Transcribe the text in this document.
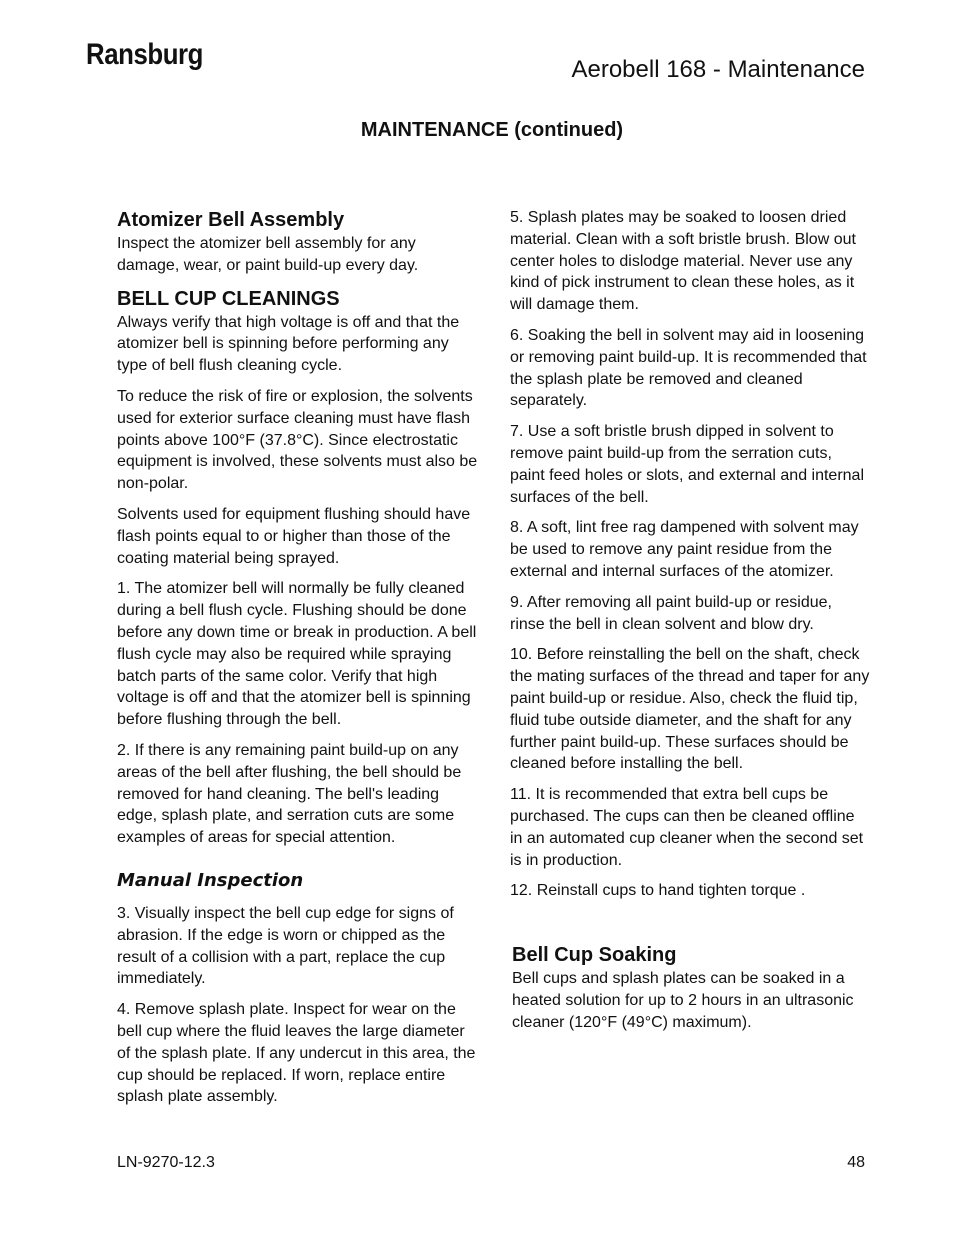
Ransburg	Aerobell 168 - Maintenance
MAINTENANCE (continued)
Atomizer Bell Assembly

Inspect the atomizer bell assembly for any damage, wear, or paint build-up every day.

BELL CUP CLEANINGS

Always verify that high voltage is off and that the atomizer bell is spinning before performing any type of bell flush cleaning cycle.

To reduce the risk of fire or explosion, the solvents used for exterior surface cleaning must have flash points above 100°F (37.8°C). Since electrostatic equipment is involved, these solvents must also be non-polar.

Solvents used for equipment flushing should have flash points equal to or higher than those of the coating material being sprayed.

1. The atomizer bell will normally be fully cleaned during a bell flush cycle. Flushing should be done before any down time or break in production. A bell flush cycle may also be required while spraying batch parts of the same color. Verify that high voltage is off and that the atomizer bell is spinning before flushing through the bell.

2. If there is any remaining paint build-up on any areas of the bell after flushing, the bell should be removed for hand cleaning. The bell's leading edge, splash plate, and serration cuts are some examples of areas for special attention.

Manual Inspection

3. Visually inspect the bell cup edge for signs of abrasion. If the edge is worn or chipped as the result of a collision with a part, replace the cup immediately.

4. Remove splash plate. Inspect for wear on the bell cup where the fluid leaves the large diameter of the splash plate. If any undercut in this area, the cup should be replaced. If worn, replace entire splash plate assembly.

5. Splash plates may be soaked to loosen dried material. Clean with a soft bristle brush. Blow out center holes to dislodge material. Never use any kind of pick instrument to clean these holes, as it will damage them.

6. Soaking the bell in solvent may aid in loosening or removing paint build-up. It is recommended that the splash plate be removed and cleaned separately.

7. Use a soft bristle brush dipped in solvent to remove paint build-up from the serration cuts, paint feed holes or slots, and external and internal surfaces of the bell.

8. A soft, lint free rag dampened with solvent may be used to remove any paint residue from the external and internal surfaces of the atomizer.

9. After removing all paint build-up or residue, rinse the bell in clean solvent and blow dry.

10. Before reinstalling the bell on the shaft, check the mating surfaces of the thread and taper for any paint build-up or residue. Also, check the fluid tip, fluid tube outside diameter, and the shaft for any further paint build-up. These surfaces should be cleaned before installing the bell.

11. It is recommended that extra bell cups be purchased. The cups can then be cleaned offline in an automated cup cleaner when the second set is in production.

12. Reinstall cups to hand tighten torque .

Bell Cup Soaking

Bell cups and splash plates can be soaked in a heated solution for up to 2 hours in an ultrasonic cleaner (120°F (49°C) maximum).

LN-9270-12.3	48
